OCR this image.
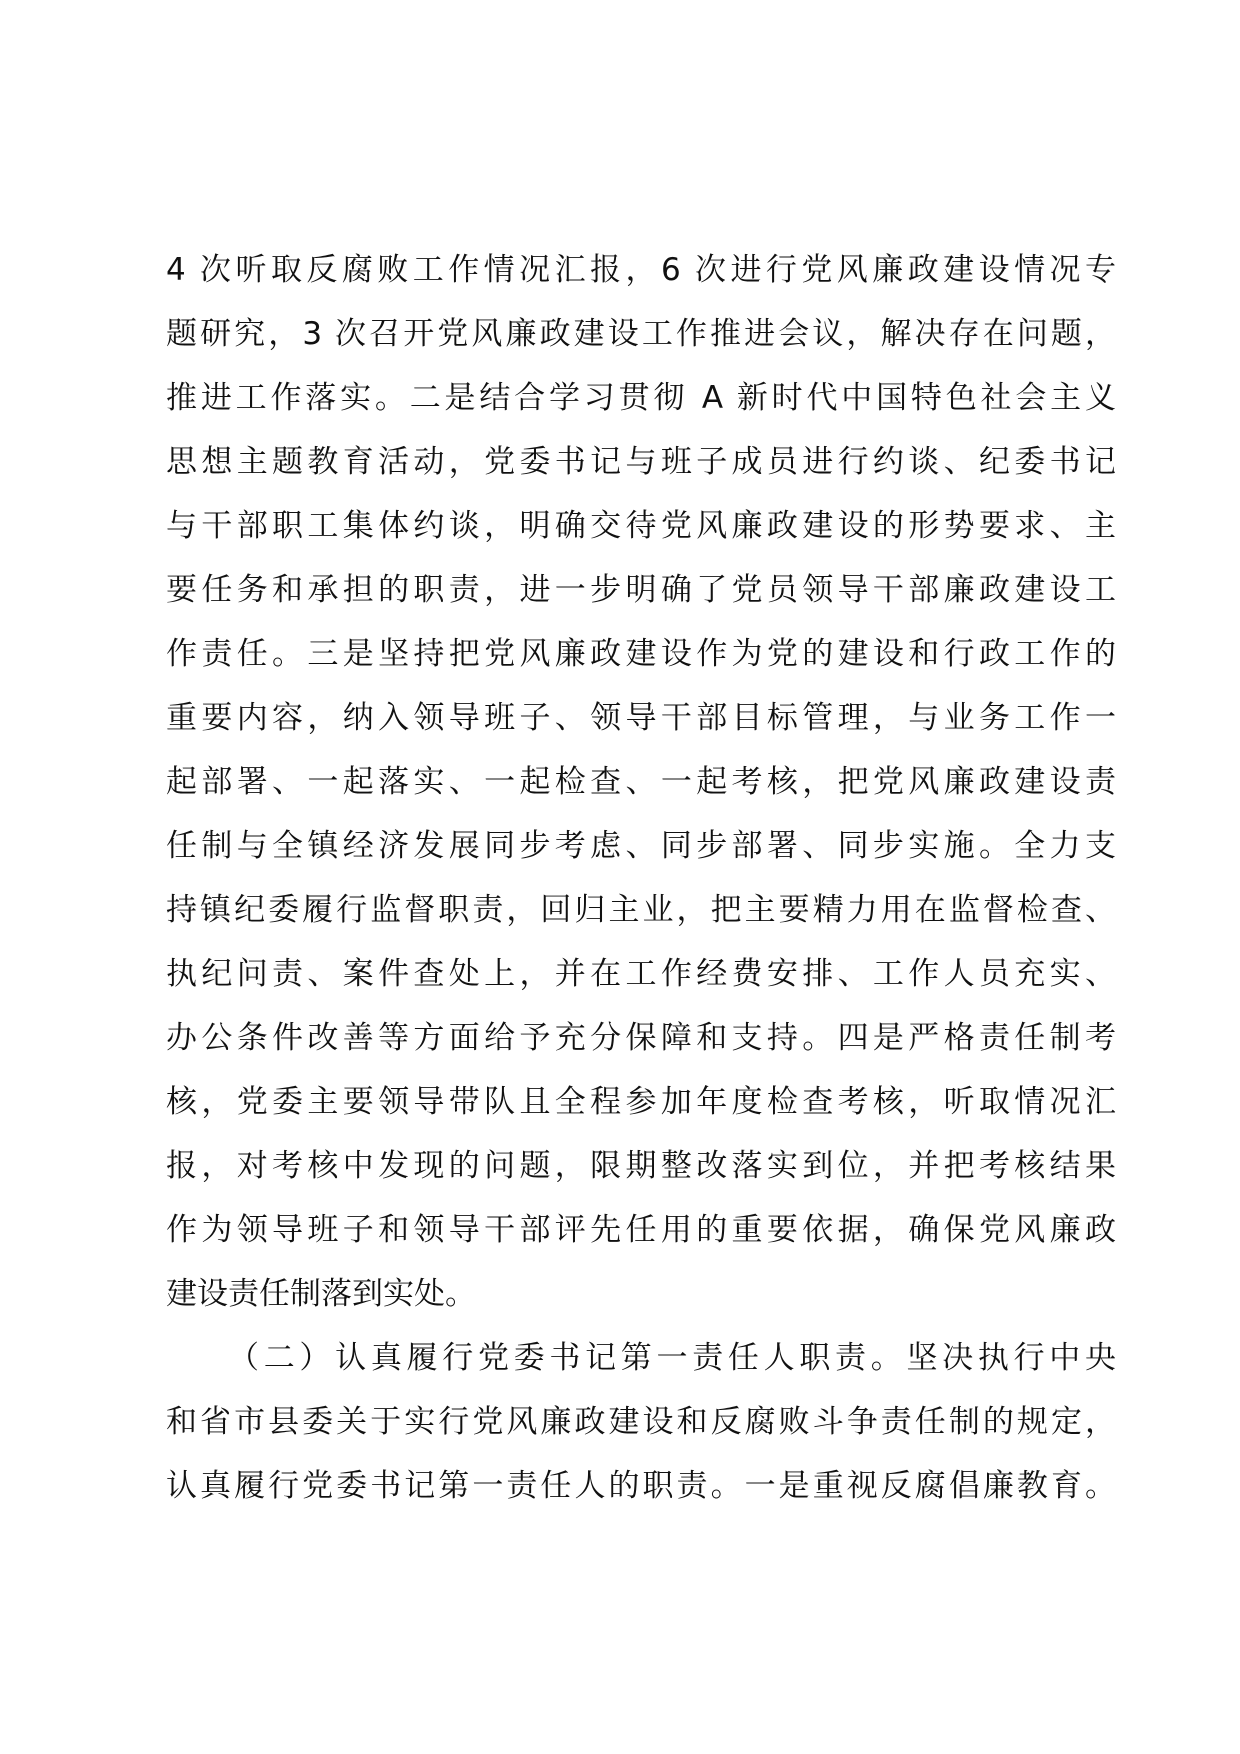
4 次听取反腐败工作情况汇报，6 次进行党风廉政建设情况专
题研究，3 次召开党风廉政建设工作推进会议，解决存在问题，
推进工作落实。二是结合学习贯彻 A 新时代中国特色社会主义
思想主题教育活动，党委书记与班子成员进行约谈、纪委书记
与干部职工集体约谈，明确交待党风廉政建设的形势要求、主
要任务和承担的职责，进一步明确了党员领导干部廉政建设工
作责任。三是坚持把党风廉政建设作为党的建设和行政工作的
重要内容，纳入领导班子、领导干部目标管理，与业务工作一
起部署、一起落实、一起检查、一起考核，把党风廉政建设责
任制与全镇经济发展同步考虑、同步部署、同步实施。全力支
持镇纪委履行监督职责，回归主业，把主要精力用在监督检查、
执纪问责、案件查处上，并在工作经费安排、工作人员充实、
办公条件改善等方面给予充分保障和支持。四是严格责任制考
核，党委主要领导带队且全程参加年度检查考核，听取情况汇
报，对考核中发现的问题，限期整改落实到位，并把考核结果
作为领导班子和领导干部评先任用的重要依据，确保党风廉政
建设责任制落到实处。
（二）认真履行党委书记第一责任人职责。坚决执行中央
和省市县委关于实行党风廉政建设和反腐败斗争责任制的规定，
认真履行党委书记第一责任人的职责。一是重视反腐倡廉教育。
